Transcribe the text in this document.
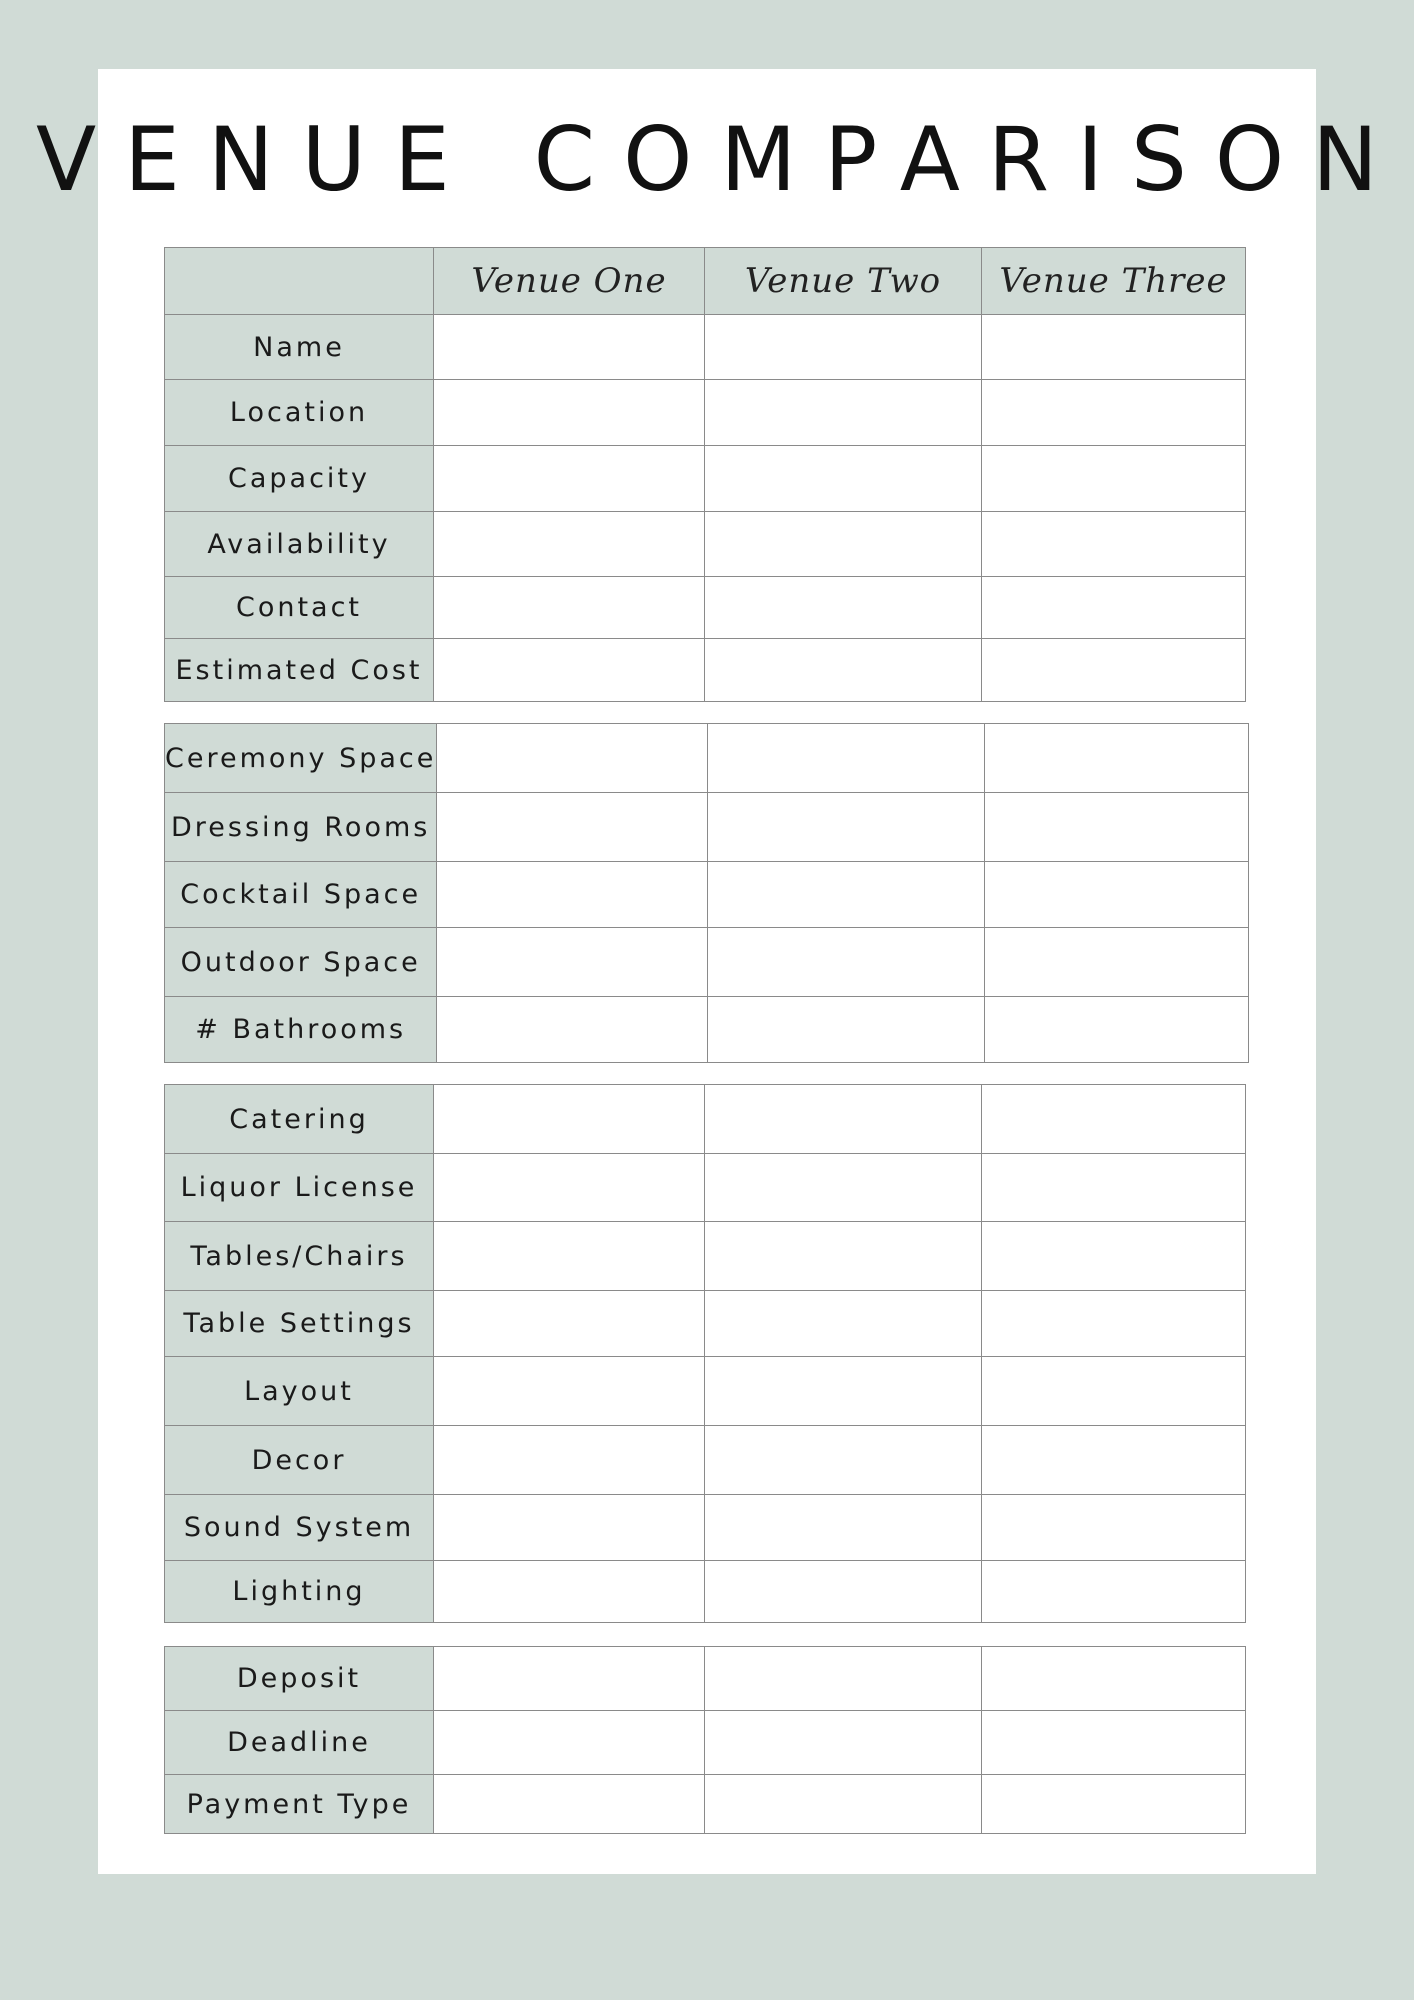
VENUE COMPARISON
	Venue One	Venue Two	Venue Three
Name			
Location			
Capacity			
Availability			
Contact			
Estimated Cost			
Ceremony Space			
Dressing Rooms			
Cocktail Space			
Outdoor Space			
# Bathrooms			
Catering			
Liquor License			
Tables/Chairs			
Table Settings			
Layout			
Decor			
Sound System			
Lighting			
Deposit			
Deadline			
Payment Type			
